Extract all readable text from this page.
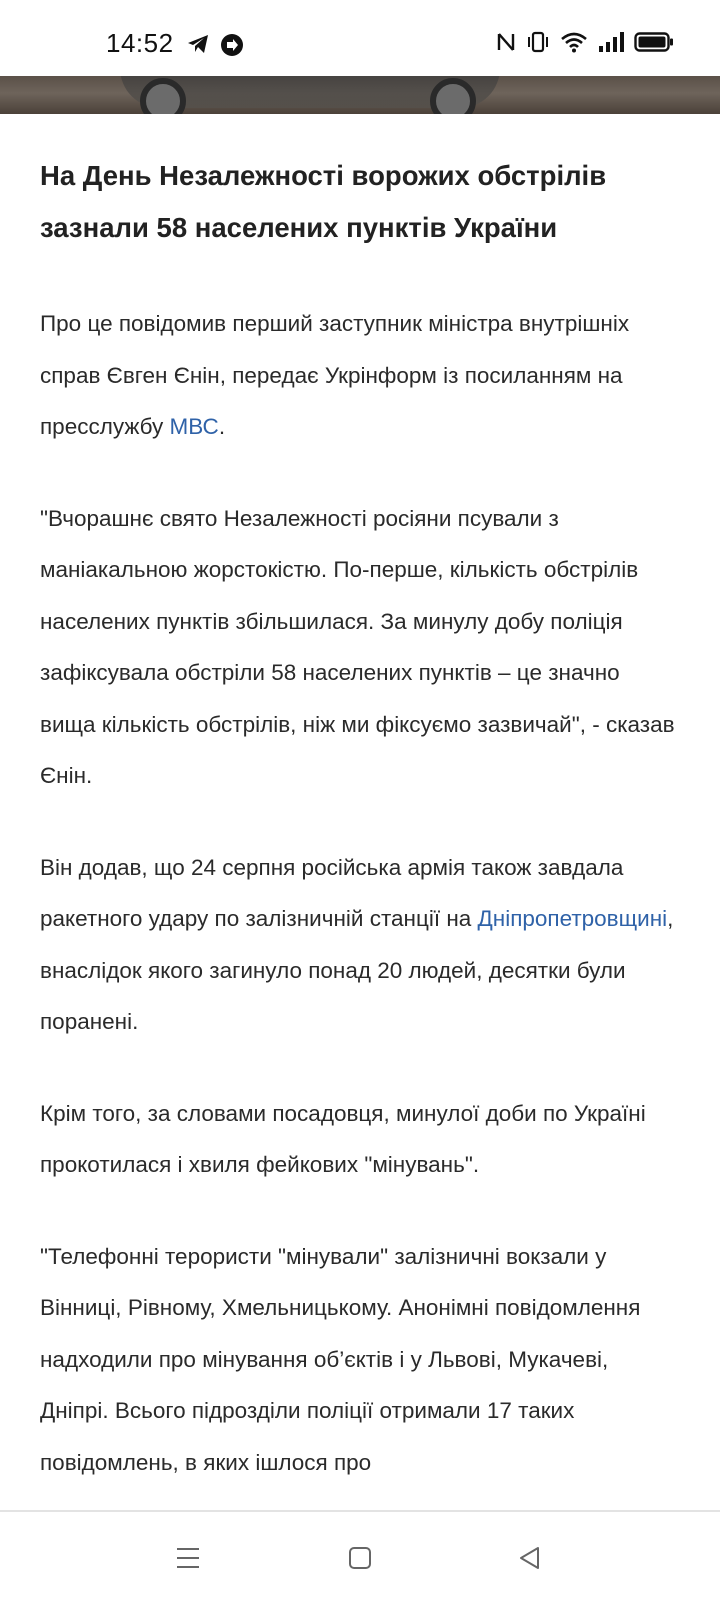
14:52
На День Незалежності ворожих обстрілів зазнали 58 населених пунктів України

Про це повідомив перший заступник міністра внутрішніх справ Євген Єнін, передає Укрінформ із посиланням на пресслужбу МВС.

"Вчорашнє свято Незалежності росіяни псували з маніакальною жорстокістю. По-перше, кількість обстрілів населених пунктів збільшилася. За минулу добу поліція зафіксувала обстріли 58 населених пунктів – це значно вища кількість обстрілів, ніж ми фіксуємо зазвичай", - сказав Єнін.

Він додав, що 24 серпня російська армія також завдала ракетного удару по залізничній станції на Дніпропетровщині, внаслідок якого загинуло понад 20 людей, десятки були поранені.

Крім того, за словами посадовця, минулої доби по Україні прокотилася і хвиля фейкових "мінувань".

"Телефонні терористи "мінували" залізничні вокзали у Вінниці, Рівному, Хмельницькому. Анонімні повідомлення надходили про мінування об’єктів і у Львові, Мукачеві, Дніпрі. Всього підрозділи поліції отримали 17 таких повідомлень, в яких ішлося про
